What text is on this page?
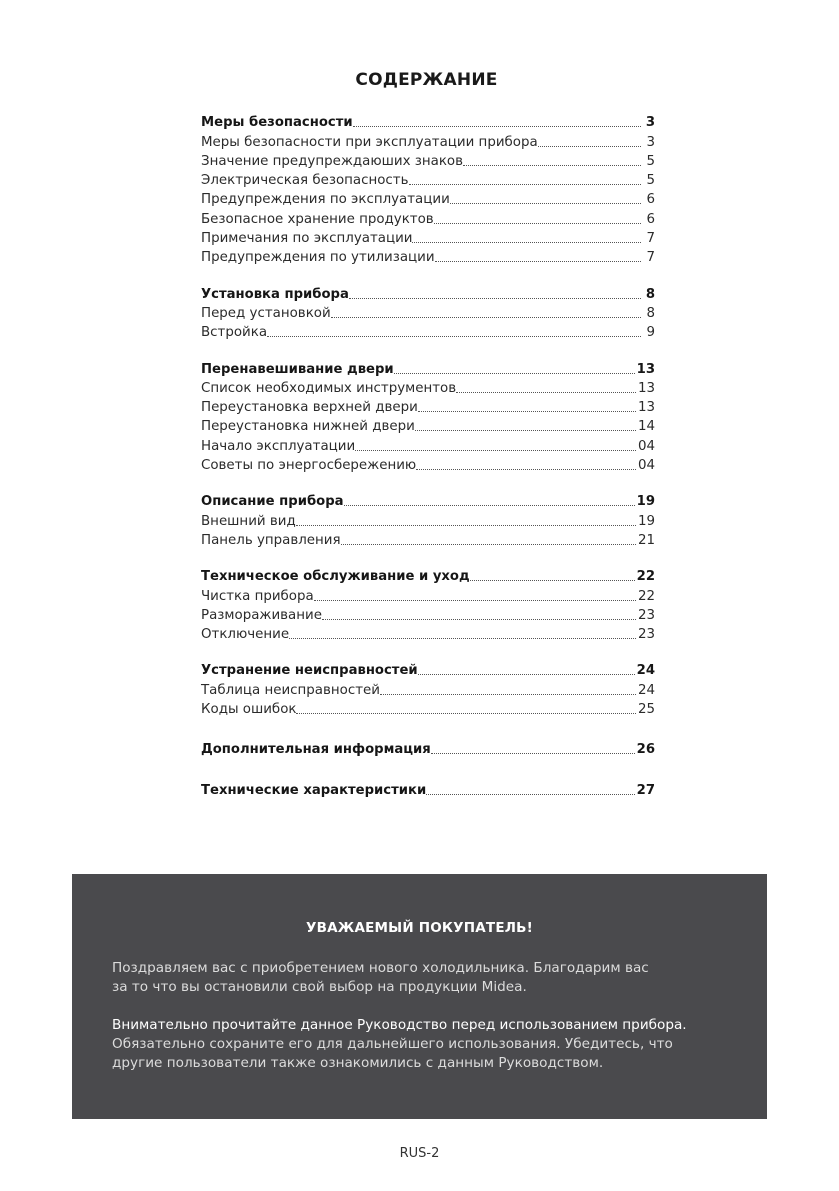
СОДЕРЖАНИЕ
Меры безопасности	3
Меры безопасности при эксплуатации прибора	3
Значение предупреждаюших знаков	5
Электрическая безопасность	5
Предупреждения по эксплуатации	6
Безопасное хранение продуктов	6
Примечания по эксплуатации	7
Предупреждения по утилизации	7
Установка прибора	8
Перед установкой	8
Встройка	9
Перенавешивание двери	13
Список необходимых инструментов	13
Переустановка верхней двери	13
Переустановка нижней двери	14
Начало эксплуатации	04
Советы по энергосбережению	04
Описание прибора	19
Внешний вид	19
Панель управления	21
Техническое обслуживание и уход	22
Чистка прибора	22
Размораживание	23
Отключение	23
Устранение неисправностей	24
Таблица неисправностей	24
Коды ошибок	25
Дополнительная информация	26
Технические характеристики	27
УВАЖАЕМЫЙ ПОКУПАТЕЛЬ!

Поздравляем вас с приобретением нового холодильника. Благодарим вас
за то что вы остановили свой выбор на продукции Midea.

Внимательно прочитайте данное Руководство перед использованием прибора.
Обязательно сохраните его для дальнейшего использования. Убедитесь, что
другие пользователи также ознакомились с данным Руководством.

RUS-2
